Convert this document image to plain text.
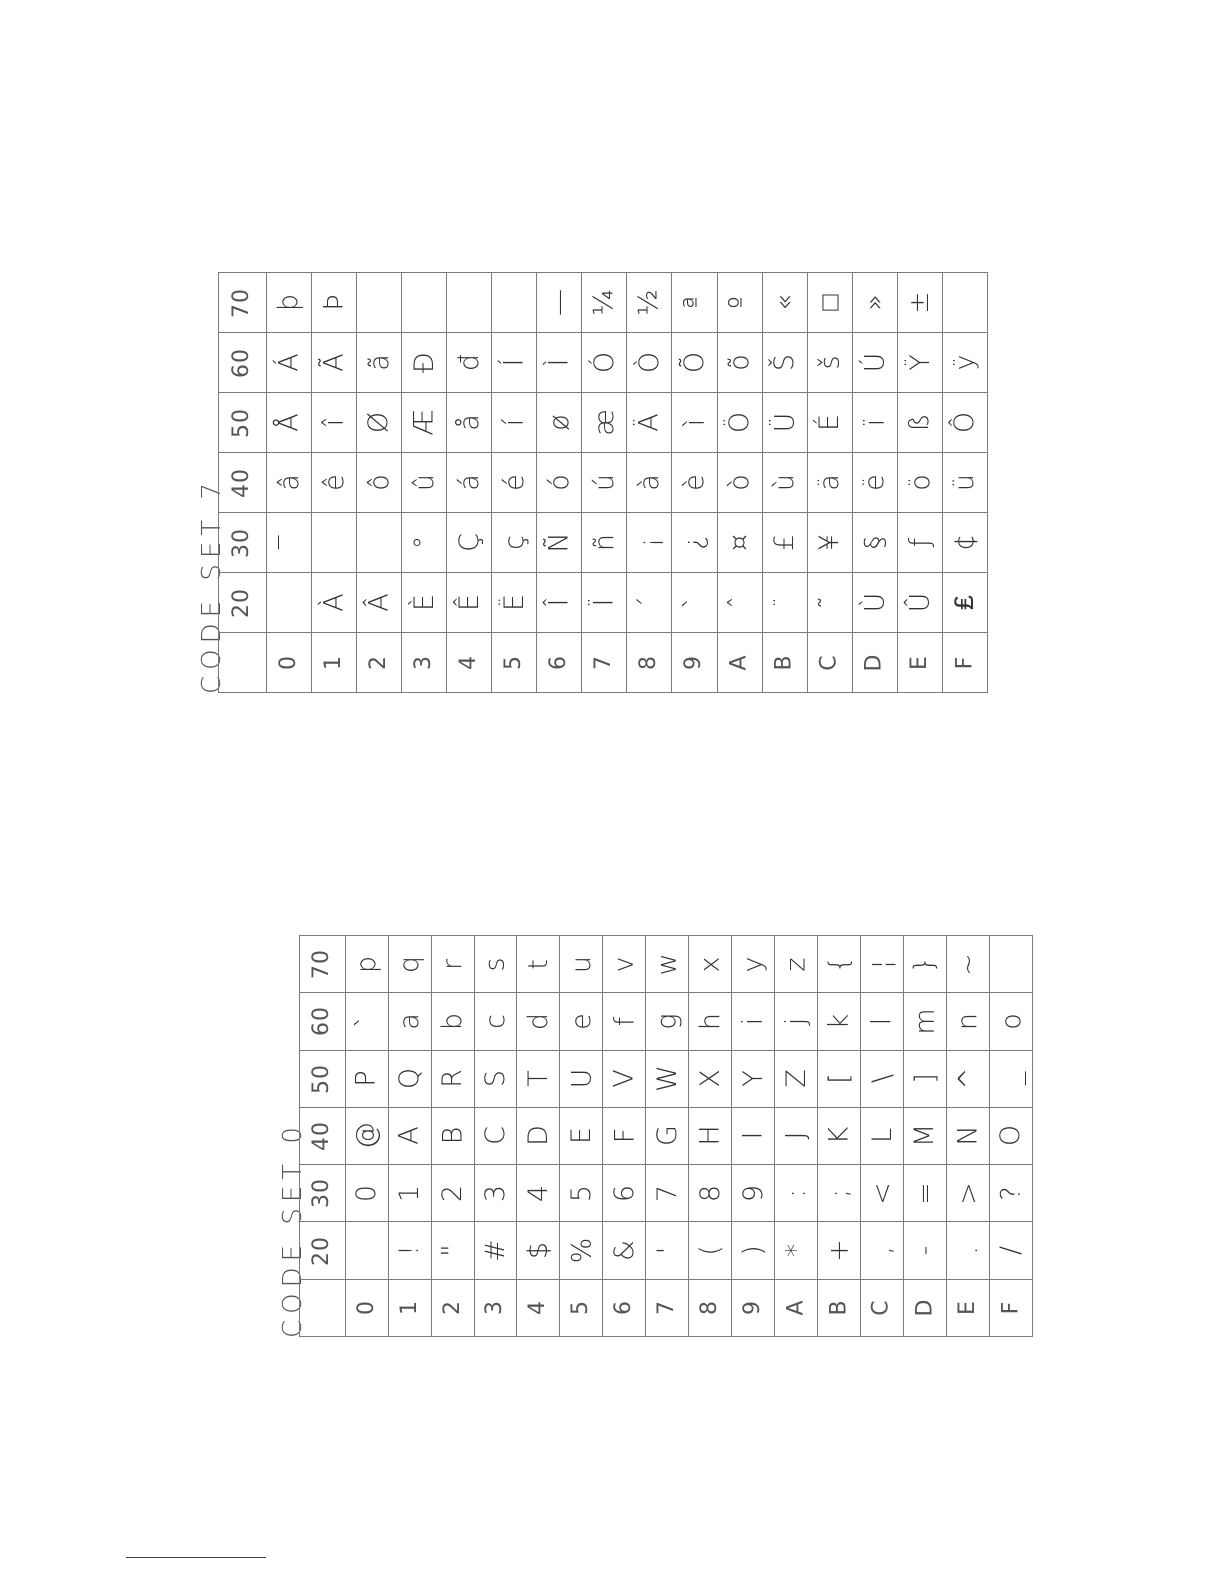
CODE SET 7
70	þ	Þ					—	¼	½	ª	º	«	□	»	±	
60	Á	Ã	ã	Ð	đ	Í	Ì	Ó	Ò	Õ	õ	Š	š	Ú	Ÿ	ÿ
50	Å	î	Ø	Æ	å	í	ø	æ	Ä	ì	Ö	Ü	É	ï	ß	Ô
40	â	ê	ô	û	á	é	ó	ú	à	è	ò	ù	ä	ë	ö	ü
30	‾			°	Ç	ç	Ñ	ñ	¡	¿	¤	£	¥	§	ƒ	¢
20		À	Â	È	Ê	Ë	Î	Ï	´	`	ˆ	¨	˜	Ù	Û	₤
	0	1	2	3	4	5	6	7	8	9	A	B	C	D	E	F
CODE SET 0
70	p	q	r	s	t	u	v	w	x	y	z	{	¦	}	~	
60	`	a	b	c	d	e	f	g	h	i	j	k	l	m	n	o
50	P	Q	R	S	T	U	V	W	X	Y	Z	[	\	]	^	_
40	@	A	B	C	D	E	F	G	H	I	J	K	L	M	N	O
30	0	1	2	3	4	5	6	7	8	9	:	;	<	=	>	?
20		!	"	#	$	%	&	'	(	)	*	+	,	-	.	/
	0	1	2	3	4	5	6	7	8	9	A	B	C	D	E	F
